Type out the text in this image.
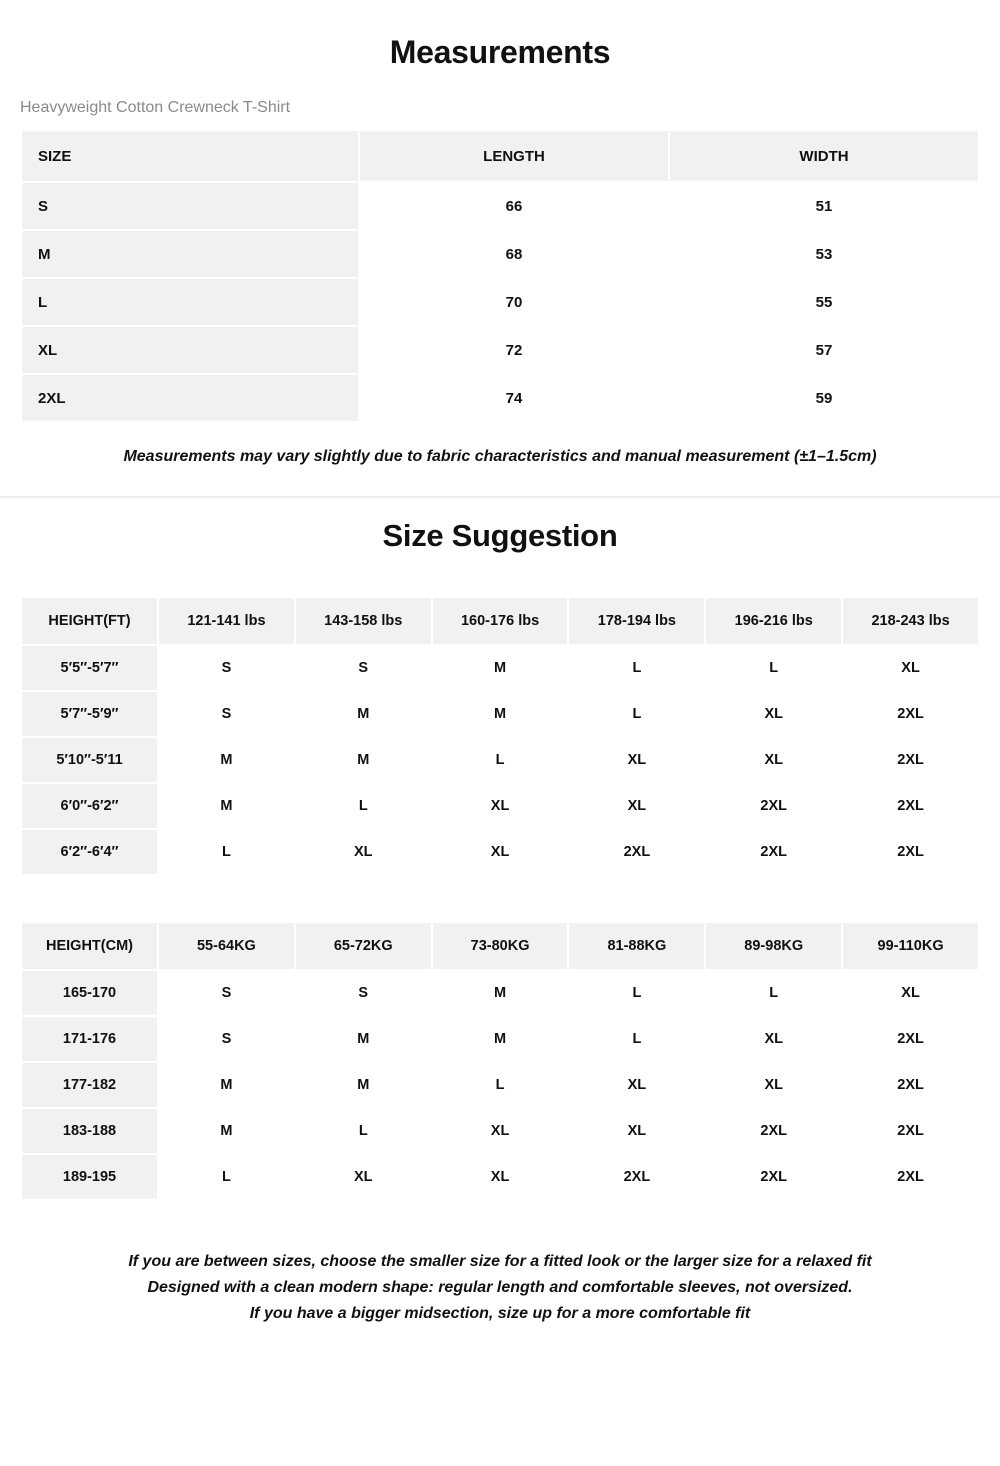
Measurements
Heavyweight Cotton Crewneck T-Shirt
SIZE	LENGTH	WIDTH
S	66	51
M	68	53
L	70	55
XL	72	57
2XL	74	59
Measurements may vary slightly due to fabric characteristics and manual measurement (±1–1.5cm)
Size Suggestion
HEIGHT(FT)	121-141 lbs	143-158 lbs	160-176 lbs	178-194 lbs	196-216 lbs	218-243 lbs
5′5″-5′7″	S	S	M	L	L	XL
5′7″-5′9″	S	M	M	L	XL	2XL
5′10″-5′11	M	M	L	XL	XL	2XL
6′0″-6′2″	M	L	XL	XL	2XL	2XL
6′2″-6′4″	L	XL	XL	2XL	2XL	2XL
HEIGHT(CM)	55-64KG	65-72KG	73-80KG	81-88KG	89-98KG	99-110KG
165-170	S	S	M	L	L	XL
171-176	S	M	M	L	XL	2XL
177-182	M	M	L	XL	XL	2XL
183-188	M	L	XL	XL	2XL	2XL
189-195	L	XL	XL	2XL	2XL	2XL

If you are between sizes, choose the smaller size for a fitted look or the larger size for a relaxed fit

Designed with a clean modern shape: regular length and comfortable sleeves, not oversized.

If you have a bigger midsection, size up for a more comfortable fit
